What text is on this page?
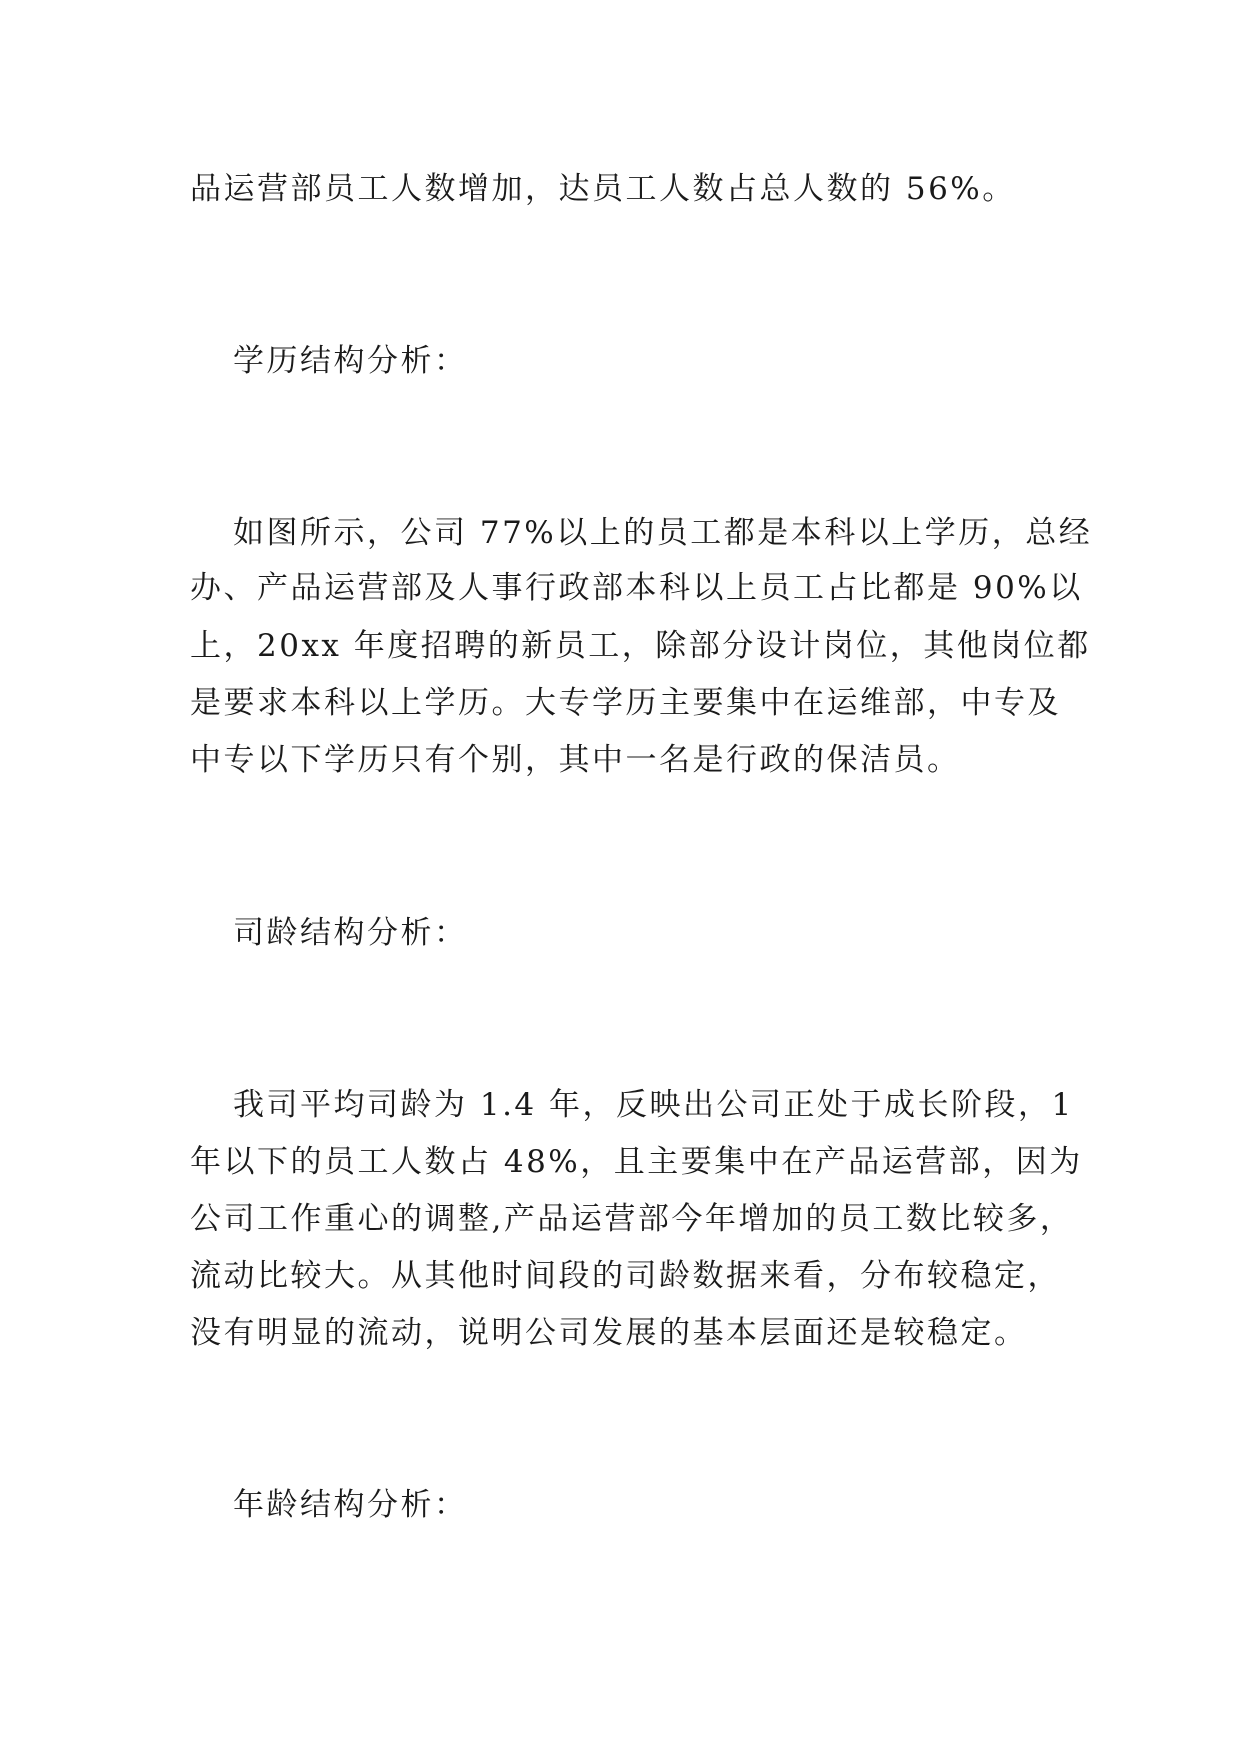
品运营部员工人数增加，达员工人数占总人数的 56%。

学历结构分析：

如图所示，公司 77%以上的员工都是本科以上学历，总经

办、产品运营部及人事行政部本科以上员工占比都是 90%以

上，20xx 年度招聘的新员工，除部分设计岗位，其他岗位都

是要求本科以上学历。大专学历主要集中在运维部，中专及

中专以下学历只有个别，其中一名是行政的保洁员。

司龄结构分析：

我司平均司龄为 1.4 年，反映出公司正处于成长阶段，1

年以下的员工人数占 48%，且主要集中在产品运营部，因为

公司工作重心的调整,产品运营部今年增加的员工数比较多，

流动比较大。从其他时间段的司龄数据来看，分布较稳定，

没有明显的流动，说明公司发展的基本层面还是较稳定。

年龄结构分析：
